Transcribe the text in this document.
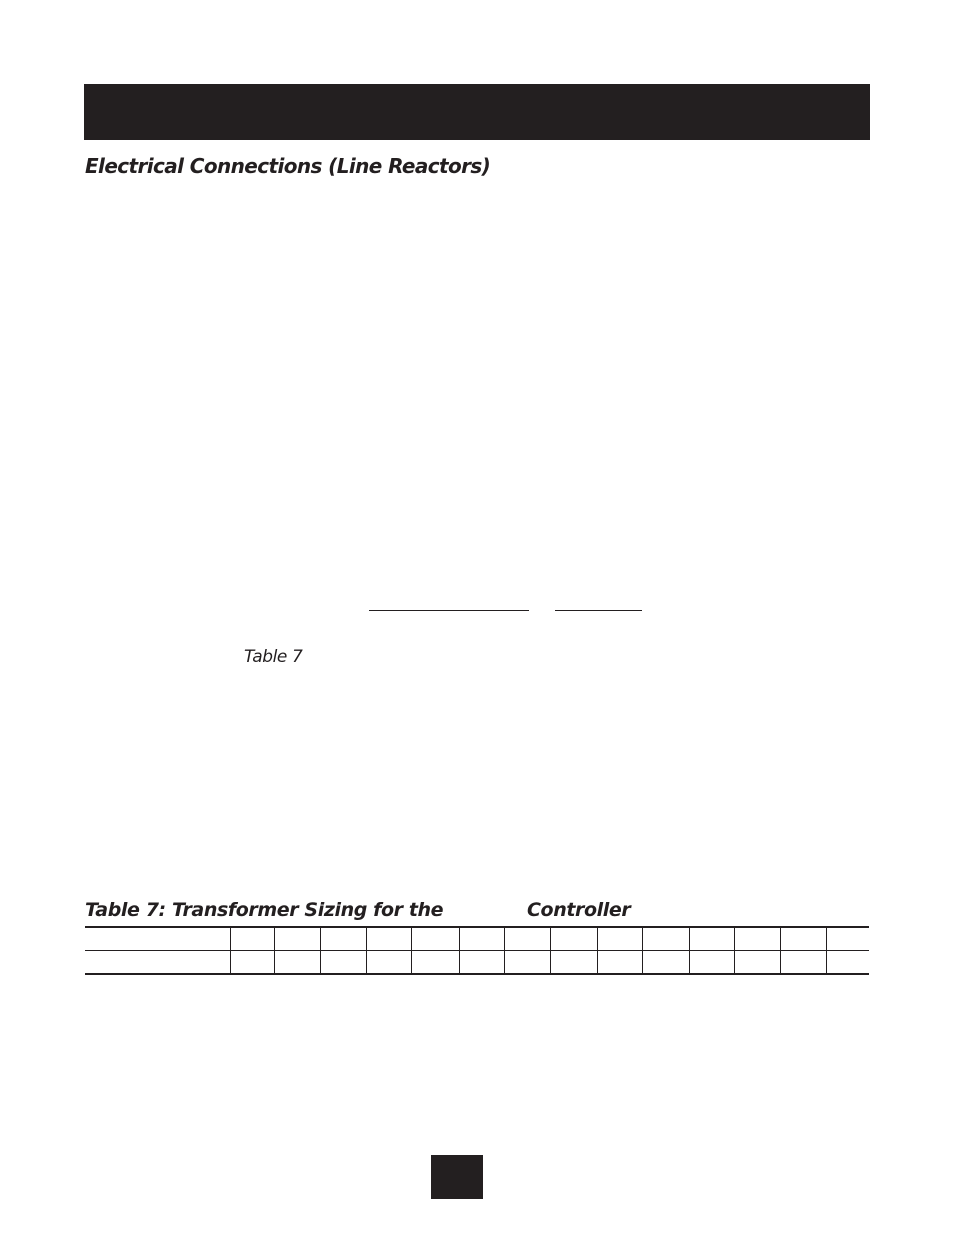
Electrical Connections (Line Reactors)
Table 7
Table 7: Transformer Sizing for the	Controller
